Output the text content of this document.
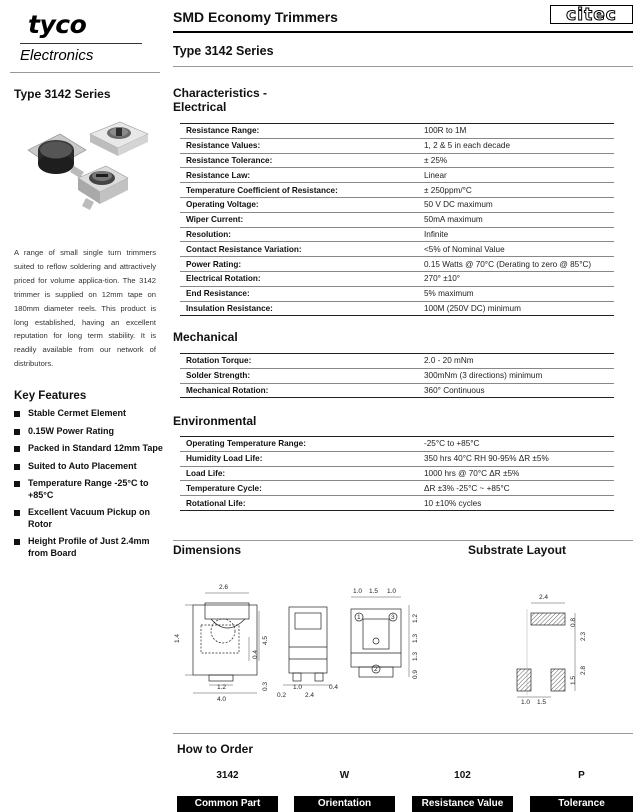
tyco
Electronics
SMD Economy Trimmers
Type 3142 Series
citec
Type 3142 Series
A range of small single turn trimmers suited to reflow soldering and attractively priced for volume applica-tion. The 3142 trimmer is supplied on 12mm tape on 180mm diameter reels. This product is long established, having an excellent reputation for long term stability. It is readily available from our network of distributors.
Key Features
Stable Cermet Element
0.15W Power Rating
Packed in Standard 12mm Tape
Suited to Auto Placement
Temperature Range -25°C to +85°C
Excellent Vacuum Pickup on Rotor
Height Profile of Just 2.4mm from Board
Characteristics -
Electrical
Resistance Range:	100R to 1M
Resistance Values:	1, 2 & 5 in each decade
Resistance Tolerance:	± 25%
Resistance Law:	Linear
Temperature Coefficient of Resistance:	± 250ppm/°C
Operating Voltage:	50 V DC maximum
Wiper Current:	50mA maximum
Resolution:	Infinite
Contact Resistance Variation:	<5% of Nominal Value
Power Rating:	0.15 Watts @ 70°C (Derating to zero @ 85°C)
Electrical Rotation:	270° ±10°
End Resistance:	5% maximum
Insulation Resistance:	100M (250V DC) minimum
Mechanical
Rotation Torque:	2.0 - 20 mNm
Solder Strength:	300mNm (3 directions) minimum
Mechanical Rotation:	360° Continuous
Environmental
Operating Temperature Range:	-25°C to +85°C
Humidity Load Life:	350 hrs 40°C RH 90-95% ΔR ±5%
Load Life:	1000 hrs @ 70°C ΔR ±5%
Temperature Cycle:	ΔR ±3% -25°C ~ +85°C
Rotational Life:	10 ±10% cycles
Dimensions	Substrate Layout
2.6
1.4	4.5
0.4
1.2
4.0
0.3
0.2
1.0
2.4
0.4
1.0 1.5 1.0
1.2
1.3
1.3
0.9
1
2
3
2.4
0.8
2.3
2.8
1.5
1.0 1.5
How to Order
3142	W	102	P
Common Part	Orientation	Resistance Value	Tolerance
